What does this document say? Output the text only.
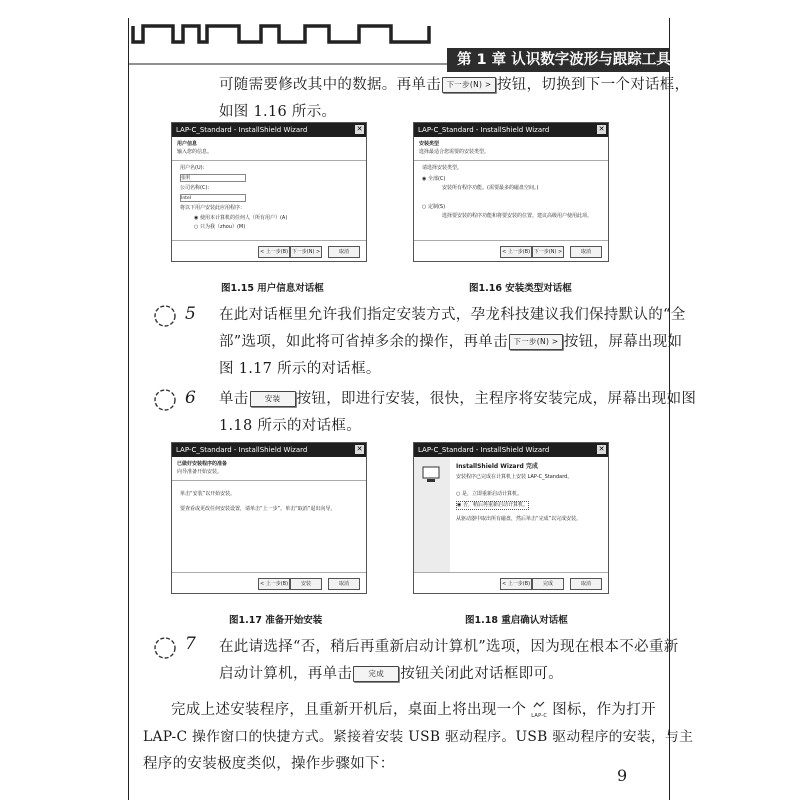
第 1 章 认识数字波形与跟踪工具
可随需要修改其中的数据。再单击 下一步(N) > 按钮，切换到下一个对话框，
如图 1.16 所示。
LAP-C_Standard - InstallShield Wizard	✕
用户信息
输入您的信息。
用户名(U):
张明
公司名称(C):
Intel
将以下用户安装此应用程序：
◉ 使用本计算机的任何人（所有用户）(A)
○ 只为我（zhou）(M)
< 上一步(B) 下一步(N) >	取消
图1.15 用户信息对话框
LAP-C_Standard - InstallShield Wizard	✕
安装类型
选择最适合您需要的安装类型。
请选择安装类型。
◉ 全部(C)
安装所有程序功能。(需要最多的磁盘空间。)
○ 定制(S)
选择要安装的程序功能和将要安装的位置。建议高级用户使用此项。
< 上一步(B) 下一步(N) >	取消
图1.16 安装类型对话框
5 在此对话框里允许我们指定安装方式，孕龙科技建议我们保持默认的“全
部”选项，如此将可省掉多余的操作，再单击 下一步(N) > 按钮，屏幕出现如
图 1.17 所示的对话框。
6 单击 安装 按钮，即进行安装，很快，主程序将安装完成，屏幕出现如图
1.18 所示的对话框。
LAP-C_Standard - InstallShield Wizard	✕
已做好安装程序的准备
向导准备开始安装。
单击“安装”以开始安装。
要查看或更改任何安装设置，请单击“上一步”。单击“取消”退出向导。
< 上一步(B)	安装	取消
图1.17 准备开始安装
LAP-C_Standard - InstallShield Wizard	✕
InstallShield Wizard 完成
安装程序已完成在计算机上安装 LAP-C_Standard。
○ 是，立即重新启动计算机。
◉ 否，稍后再重新启动计算机。
从驱动器中取出所有磁盘，然后单击“完成”以完成安装。
< 上一步(B)	完成	取消
图1.18 重启确认对话框
7 在此请选择“否，稍后再重新启动计算机”选项，因为现在根本不必重新
启动计算机，再单击 完成 按钮关闭此对话框即可。
完成上述安装程序，且重新开机后，桌面上将出现一个 LAP-C 图标，作为打开
LAP-C 操作窗口的快捷方式。紧接着安装 USB 驱动程序。USB 驱动程序的安装，与主
程序的安装极度类似，操作步骤如下：
9
